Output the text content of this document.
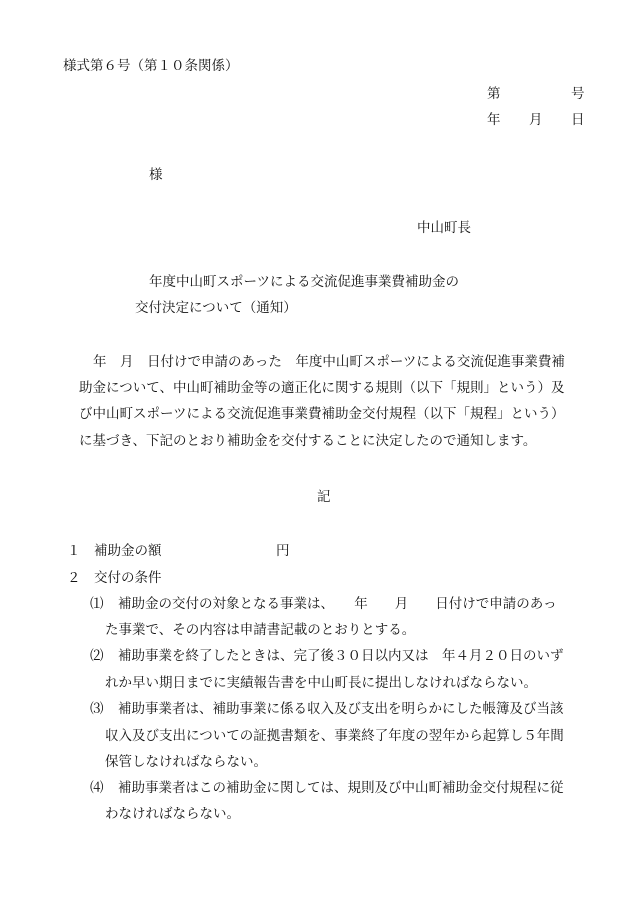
様式第６号（第１０条関係）
第	号
年 月 日
様
中山町長
年度中山町スポーツによる交流促進事業費補助金の
交付決定について（通知）
年　月　日付けで申請のあった　年度中山町スポーツによる交流促進事業費補
助金について、中山町補助金等の適正化に関する規則（以下「規則」という）及
び中山町スポーツによる交流促進事業費補助金交付規程（以下「規程」という）
に基づき、下記のとおり補助金を交付することに決定したので通知します。
記
１　補助金の額	円
２　交付の条件
⑴ 補助金の交付の対象となる事業は、　　年　　月　　日付けで申請のあっ
た事業で、その内容は申請書記載のとおりとする。
⑵ 補助事業を終了したときは、完了後３０日以内又は　年４月２０日のいず
れか早い期日までに実績報告書を中山町長に提出しなければならない。
⑶ 補助事業者は、補助事業に係る収入及び支出を明らかにした帳簿及び当該
収入及び支出についての証拠書類を、事業終了年度の翌年から起算し５年間
保管しなければならない。
⑷ 補助事業者はこの補助金に関しては、規則及び中山町補助金交付規程に従
わなければならない。
